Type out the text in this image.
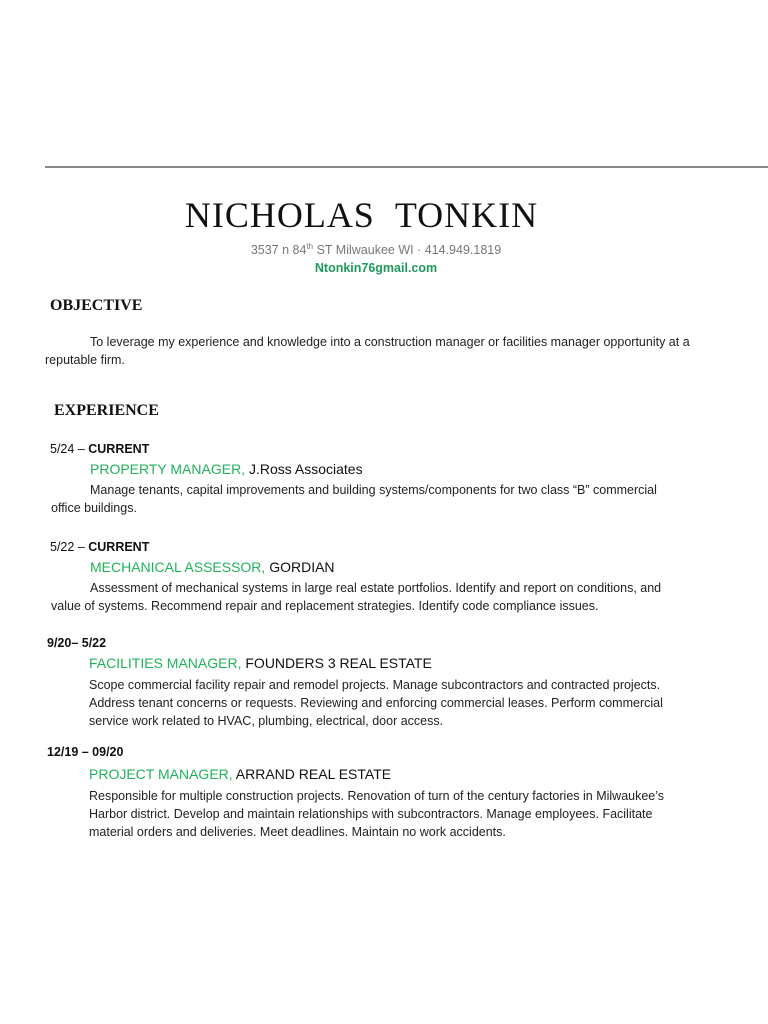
NICHOLAS TONKIN
3537 n 84th ST Milwaukee WI · 414.949.1819
Ntonkin76gmail.com
OBJECTIVE
To leverage my experience and knowledge into a construction manager or facilities manager opportunity at a
reputable firm.
EXPERIENCE
5/24 – CURRENT
PROPERTY MANAGER, J.Ross Associates
Manage tenants, capital improvements and building systems/components for two class “B” commercial
office buildings.
5/22 – CURRENT
MECHANICAL ASSESSOR, GORDIAN
Assessment of mechanical systems in large real estate portfolios. Identify and report on conditions, and
value of systems. Recommend repair and replacement strategies. Identify code compliance issues.
9/20– 5/22
FACILITIES MANAGER, FOUNDERS 3 REAL ESTATE
Scope commercial facility repair and remodel projects. Manage subcontractors and contracted projects.
Address tenant concerns or requests. Reviewing and enforcing commercial leases. Perform commercial
service work related to HVAC, plumbing, electrical, door access.
12/19 – 09/20
PROJECT MANAGER, ARRAND REAL ESTATE
Responsible for multiple construction projects. Renovation of turn of the century factories in Milwaukee’s
Harbor district. Develop and maintain relationships with subcontractors. Manage employees. Facilitate
material orders and deliveries. Meet deadlines. Maintain no work accidents.
